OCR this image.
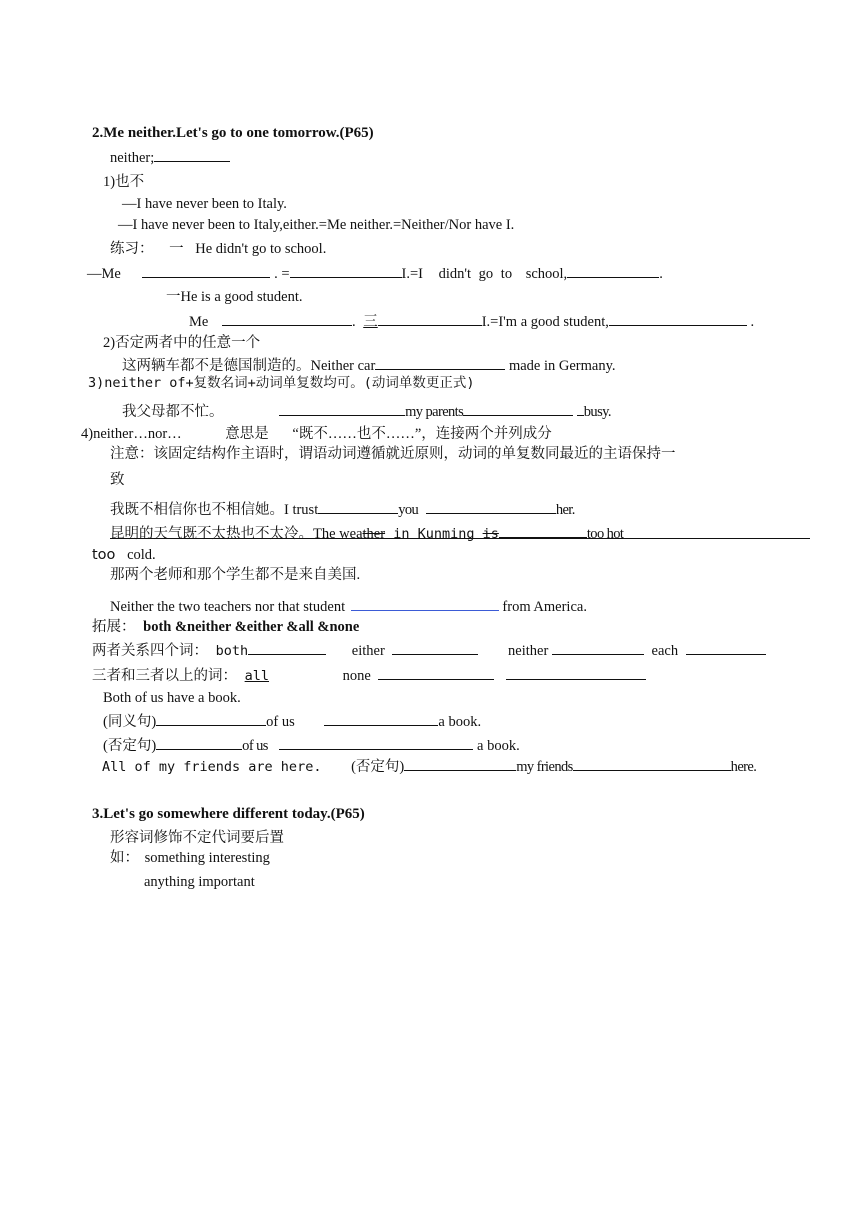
2.Me neither.Let's go to one tomorrow.(P65)
neither;
1)也不
—I have never been to Italy.
—I have never been to Italy,either.=Me neither.=Neither/Nor have I.
练习： 一 He didn't go to school.
—Me	. =	I.=I didn't go to school,	.
一He is a good student.
Me	. 三	I.=I'm a good student,	.
2)否定两者中的任意一个
这两辆车都不是德国制造的。Neither car	made in Germany.
3)neither of+复数名词+动词单复数均可。(动词单数更正式)
我父母都不忙。	my parents	busy.
4)neither…nor…	意思是 “既不……也不……”，连接两个并列成分
注意：该固定结构作主语时，谓语动词遵循就近原则，动词的单复数同最近的主语保持一
致
我既不相信你也不相信她。I trust	you	her.
昆明的天气既不太热也不太冷。The weather in Kunming is	too hot
too cold.
那两个老师和那个学生都不是来自美国.
Neither the two teachers nor that student	from America.
拓展： both &neither &either &all &none
两者关系四个词： both	either	neither	each
三者和三者以上的词： all	none
Both of us have a book.
(同义句)	of us	a book.
(否定句)	of us	a book.
All of my friends are here. (否定句)	my friends	here.
3.Let's go somewhere different today.(P65)
形容词修饰不定代词要后置
如： something interesting
anything important
